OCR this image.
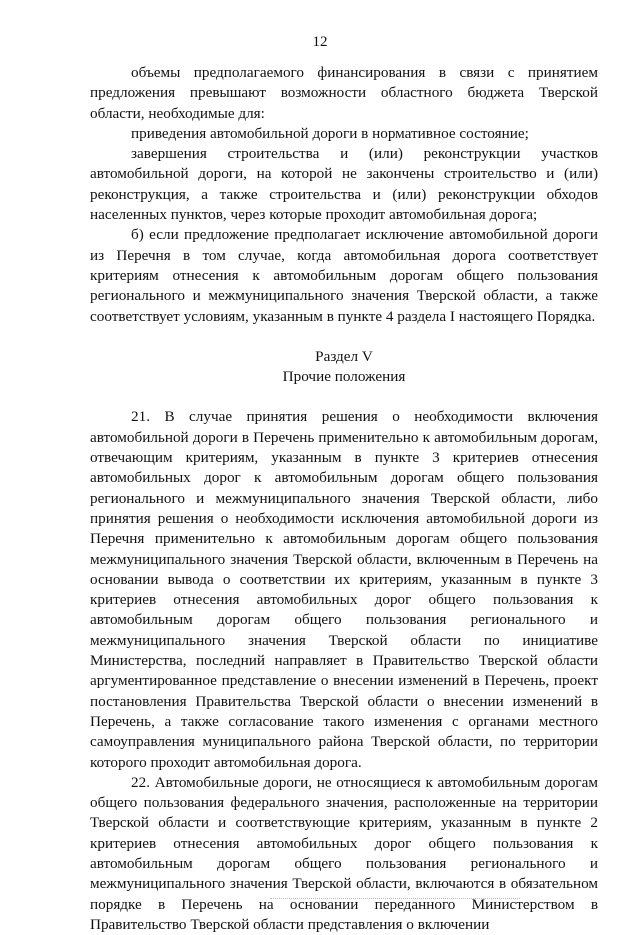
12

объемы предполагаемого финансирования в связи с принятием предложения превышают возможности областного бюджета Тверской области, необходимые для:

приведения автомобильной дороги в нормативное состояние;

завершения строительства и (или) реконструкции участков автомобильной дороги, на которой не закончены строительство и (или) реконструкция, а также строительства и (или) реконструкции обходов населенных пунктов, через которые проходит автомобильная дорога;

б) если предложение предполагает исключение автомобильной дороги из Перечня в том случае, когда автомобильная дорога соответствует критериям отнесения к автомобильным дорогам общего пользования регионального и межмуниципального значения Тверской области, а также соответствует условиям, указанным в пункте 4 раздела I настоящего Порядка.

Раздел V
Прочие положения

21. В случае принятия решения о необходимости включения автомобильной дороги в Перечень применительно к автомобильным дорогам, отвечающим критериям, указанным в пункте 3 критериев отнесения автомобильных дорог к автомобильным дорогам общего пользования регионального и межмуниципального значения Тверской области, либо принятия решения о необходимости исключения автомобильной дороги из Перечня применительно к автомобильным дорогам общего пользования межмуниципального значения Тверской области, включенным в Перечень на основании вывода о соответствии их критериям, указанным в пункте 3 критериев отнесения автомобильных дорог общего пользования к автомобильным дорогам общего пользования регионального и межмуниципального значения Тверской области по инициативе Министерства, последний направляет в Правительство Тверской области аргументированное представление о внесении изменений в Перечень, проект постановления Правительства Тверской области о внесении изменений в Перечень, а также согласование такого изменения с органами местного самоуправления муниципального района Тверской области, по территории которого проходит автомобильная дорога.

22. Автомобильные дороги, не относящиеся к автомобильным дорогам общего пользования федерального значения, расположенные на территории Тверской области и соответствующие критериям, указанным в пункте 2 критериев отнесения автомобильных дорог общего пользования к автомобильным дорогам общего пользования регионального и межмуниципального значения Тверской области, включаются в обязательном порядке в Перечень на основании переданного Министерством в Правительство Тверской области представления о включении
